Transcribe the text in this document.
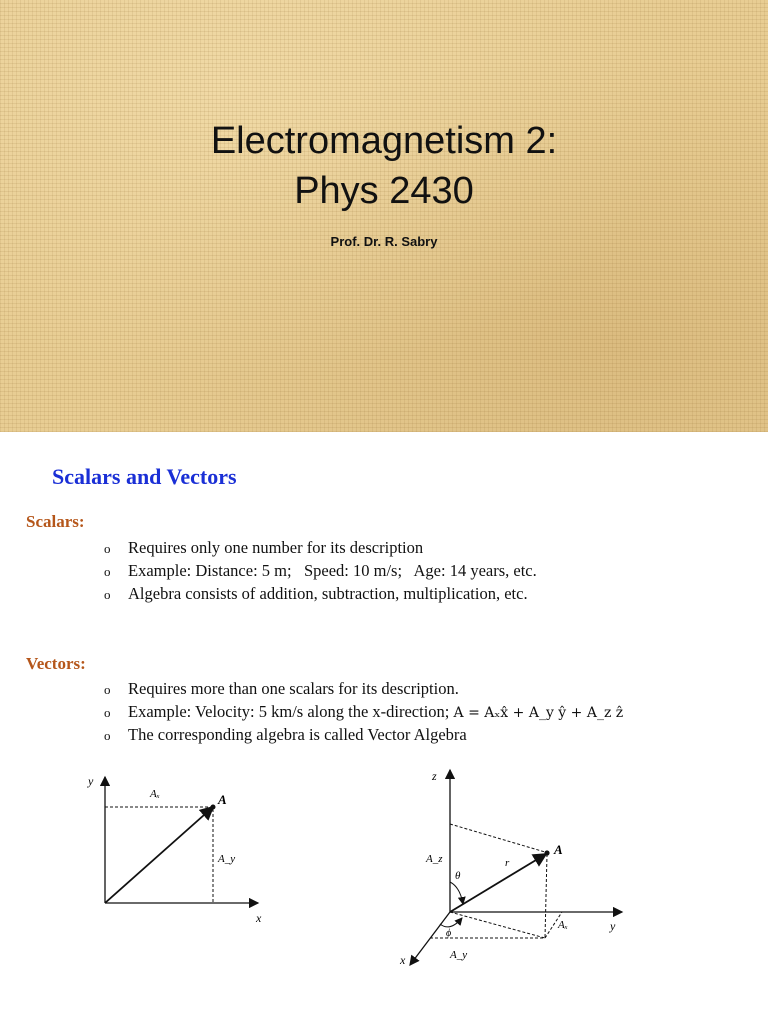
Electromagnetism 2:
Phys 2430
Prof. Dr. R. Sabry
Scalars and Vectors
Scalars:
o Requires only one number for its description
o Example: Distance: 5 m;   Speed: 10 m/s;   Age: 14 years, etc.
o Algebra consists of addition, subtraction, multiplication, etc.
Vectors:
o Requires more than one scalars for its description.
o Example: Velocity: 5 km/s along the x-direction; A = Aₓx̂ + A_y ŷ + A_z ẑ
o The corresponding algebra is called Vector Algebra
y
x
A
Aₓ
A_y
z
y
x
A
r
θ
ϕ
A_z
Aₓ
A_y
